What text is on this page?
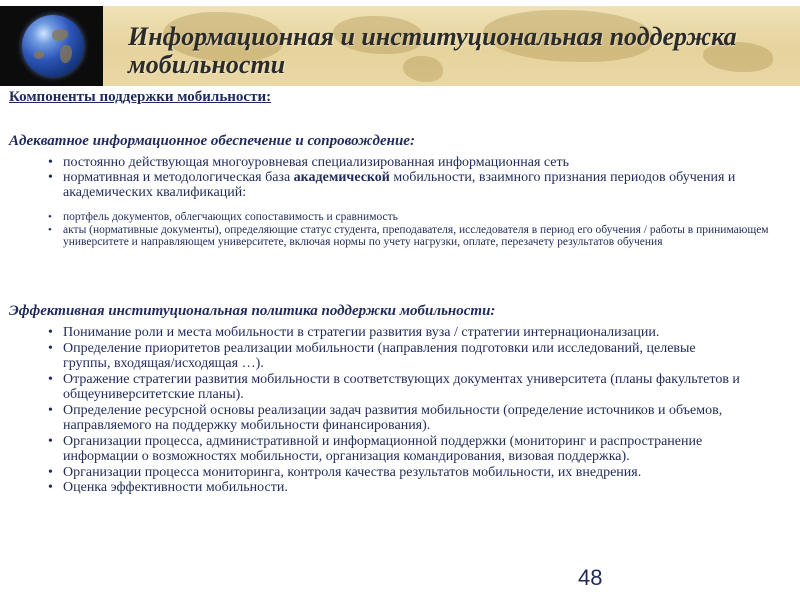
Информационная и институциональная поддержка мобильности
Компоненты поддержки мобильности:
Адекватное информационное обеспечение и сопровождение:
• постоянно действующая многоуровневая специализированная информационная сеть
• нормативная и методологическая база академической мобильности, взаимного признания периодов обучения и академических квалификаций:
• портфель документов, облегчающих сопоставимость и сравнимость
• акты (нормативные документы), определяющие статус студента, преподавателя, исследователя в период его обучения / работы в принимающем университете и направляющем университете, включая нормы по учету нагрузки, оплате, перезачету результатов обучения
Эффективная институциональная политика поддержки мобильности:
• Понимание роли и места мобильности в стратегии развития вуза / стратегии интернационализации.
• Определение приоритетов реализации мобильности (направления подготовки или исследований, целевые группы, входящая/исходящая …).
• Отражение стратегии развития мобильности в соответствующих документах университета (планы факультетов и общеуниверситетские планы).
• Определение ресурсной основы реализации задач развития мобильности (определение источников и объемов, направляемого на поддержку мобильности финансирования).
• Организации процесса, административной и информационной поддержки (мониторинг и распространение информации о возможностях мобильности, организация командирования, визовая поддержка).
• Организации процесса мониторинга, контроля качества результатов мобильности, их внедрения.
• Оценка эффективности мобильности.
48
